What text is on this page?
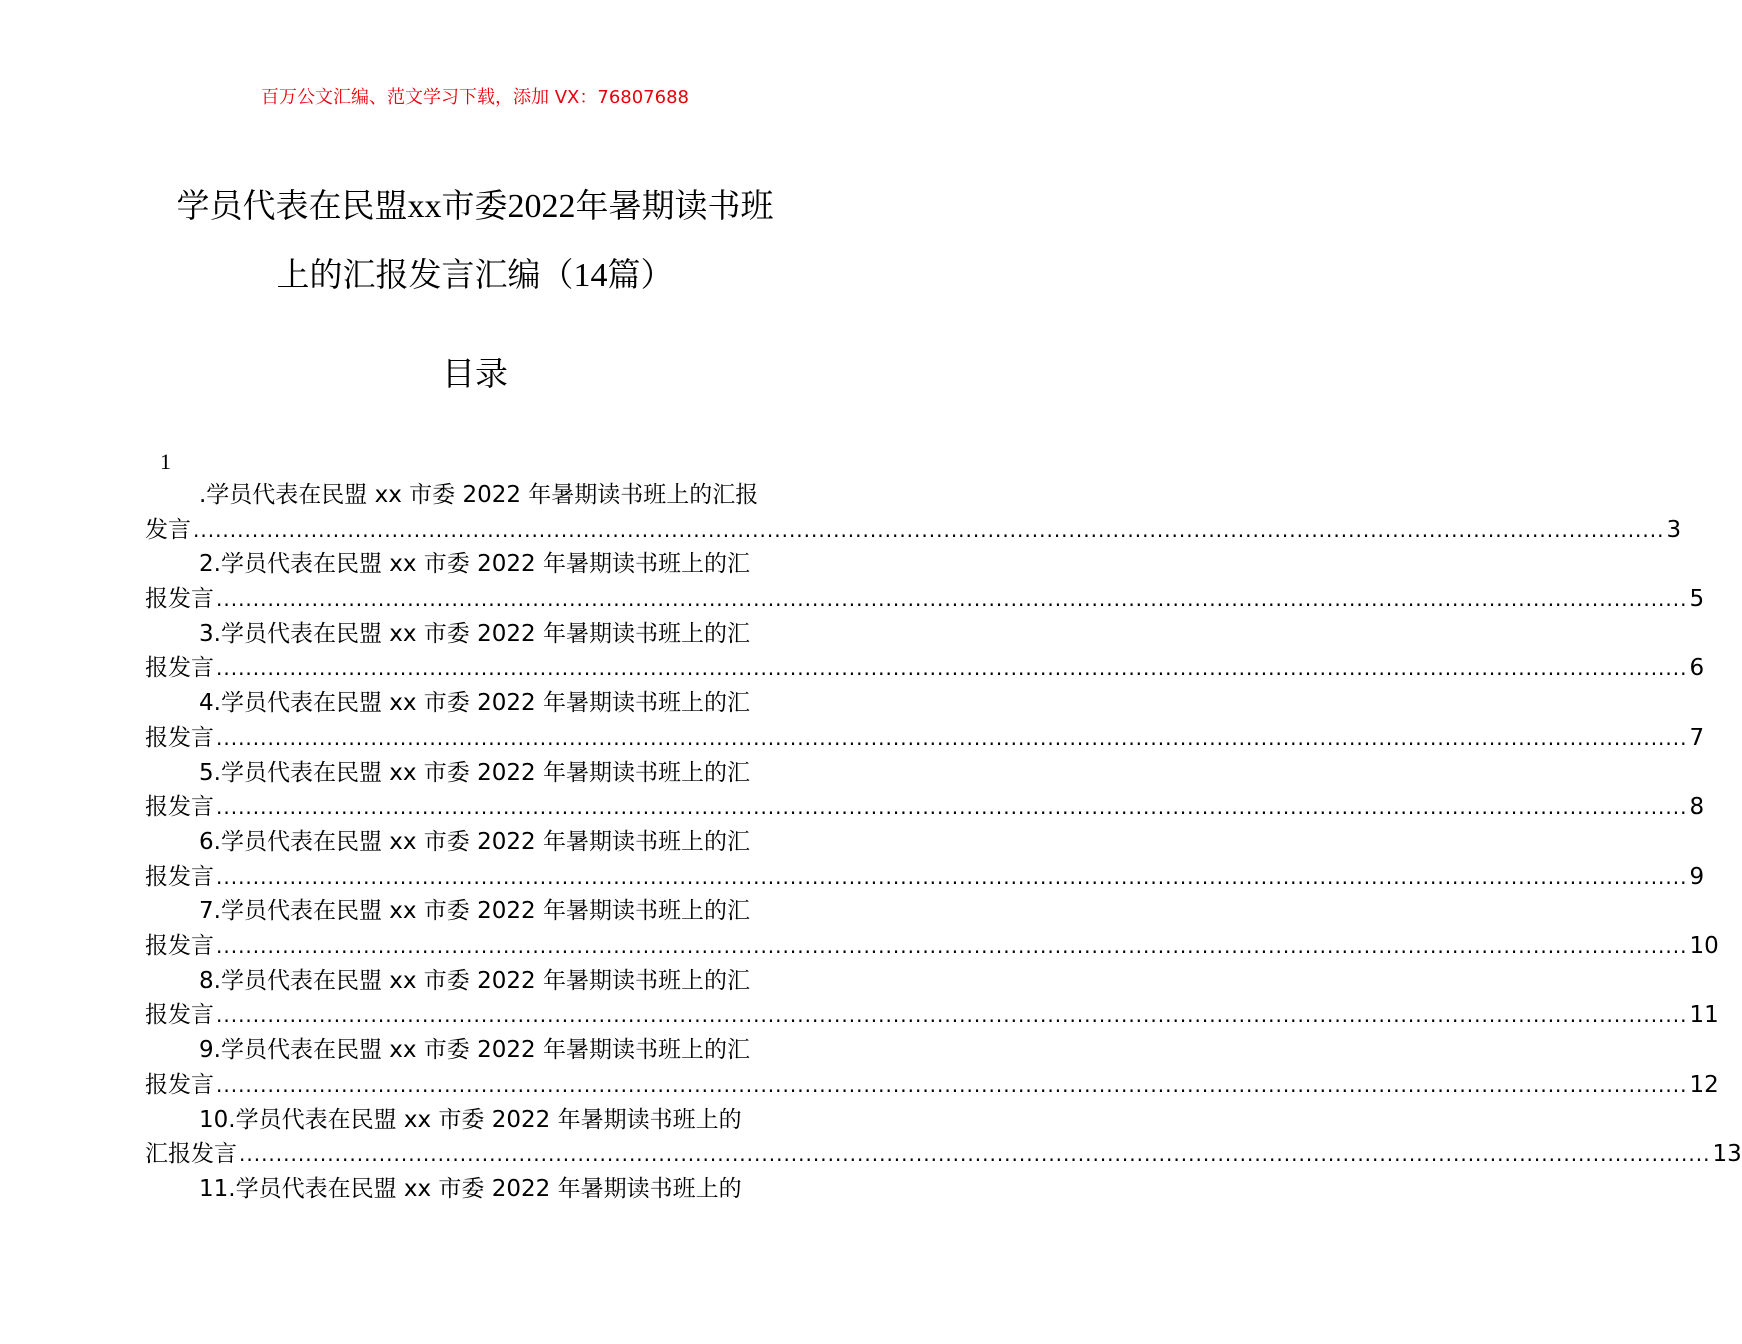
百万公文汇编、范文学习下载，添加 VX：76807688
学员代表在民盟xx市委2022年暑期读书班
上的汇报发言汇编（14篇）
目录
1
.学员代表在民盟 xx 市委 2022 年暑期读书班上的汇报
发言 ........................................................................................................................................................................................................ 3
2.学员代表在民盟 xx 市委 2022 年暑期读书班上的汇
报发言 ........................................................................................................................................................................................................ 5
3.学员代表在民盟 xx 市委 2022 年暑期读书班上的汇
报发言 ........................................................................................................................................................................................................ 6
4.学员代表在民盟 xx 市委 2022 年暑期读书班上的汇
报发言 ........................................................................................................................................................................................................ 7
5.学员代表在民盟 xx 市委 2022 年暑期读书班上的汇
报发言 ........................................................................................................................................................................................................ 8
6.学员代表在民盟 xx 市委 2022 年暑期读书班上的汇
报发言 ........................................................................................................................................................................................................ 9
7.学员代表在民盟 xx 市委 2022 年暑期读书班上的汇
报发言 ........................................................................................................................................................................................................ 10
8.学员代表在民盟 xx 市委 2022 年暑期读书班上的汇
报发言 ........................................................................................................................................................................................................ 11
9.学员代表在民盟 xx 市委 2022 年暑期读书班上的汇
报发言 ........................................................................................................................................................................................................ 12
10.学员代表在民盟 xx 市委 2022 年暑期读书班上的
汇报发言 ........................................................................................................................................................................................................ 13
11.学员代表在民盟 xx 市委 2022 年暑期读书班上的
